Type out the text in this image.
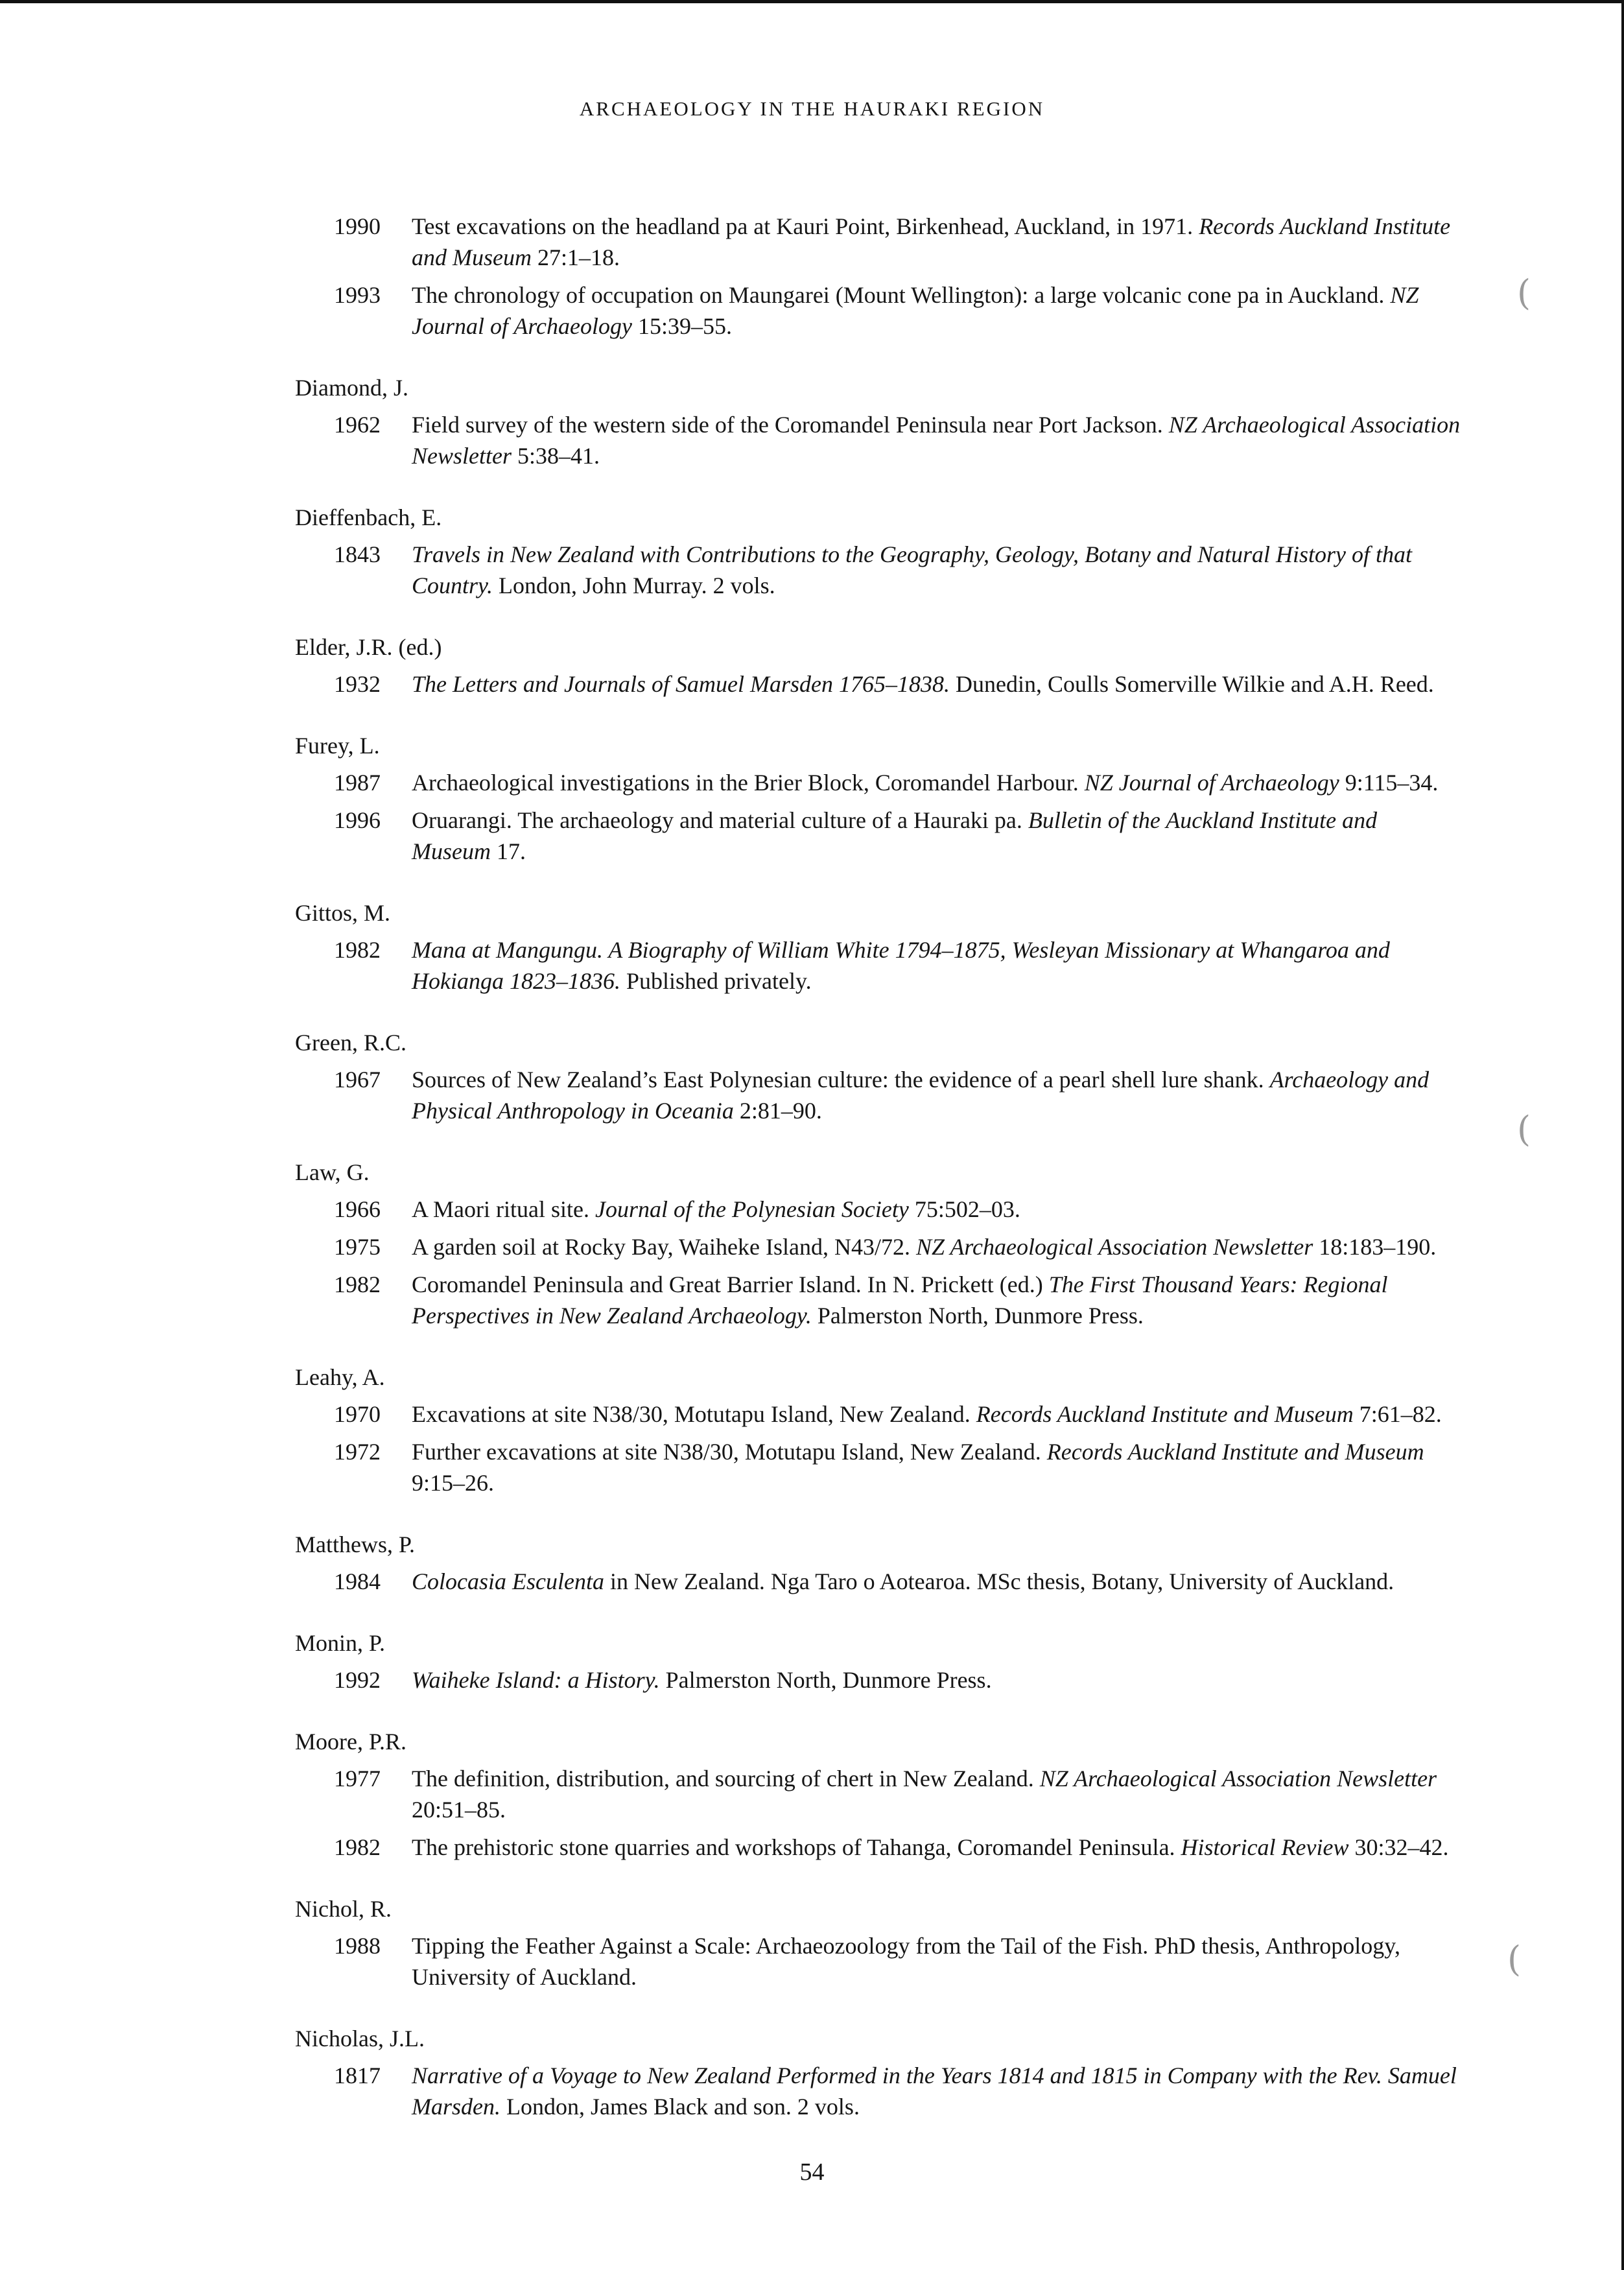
ARCHAEOLOGY IN THE HAURAKI REGION
1990 Test excavations on the headland pa at Kauri Point, Birkenhead, Auckland, in 1971. Records Auckland Institute and Museum 27:1–18.
1993 The chronology of occupation on Maungarei (Mount Wellington): a large volcanic cone pa in Auckland. NZ Journal of Archaeology 15:39–55.
Diamond, J.
1962 Field survey of the western side of the Coromandel Peninsula near Port Jackson. NZ Archaeological Association Newsletter 5:38–41.
Dieffenbach, E.
1843 Travels in New Zealand with Contributions to the Geography, Geology, Botany and Natural History of that Country. London, John Murray. 2 vols.
Elder, J.R. (ed.)
1932 The Letters and Journals of Samuel Marsden 1765–1838. Dunedin, Coulls Somerville Wilkie and A.H. Reed.
Furey, L.
1987 Archaeological investigations in the Brier Block, Coromandel Harbour. NZ Journal of Archaeology 9:115–34.
1996 Oruarangi. The archaeology and material culture of a Hauraki pa. Bulletin of the Auckland Institute and Museum 17.
Gittos, M.
1982 Mana at Mangungu. A Biography of William White 1794–1875, Wesleyan Missionary at Whangaroa and Hokianga 1823–1836. Published privately.
Green, R.C.
1967 Sources of New Zealand’s East Polynesian culture: the evidence of a pearl shell lure shank. Archaeology and Physical Anthropology in Oceania 2:81–90.
Law, G.
1966 A Maori ritual site. Journal of the Polynesian Society 75:502–03.
1975 A garden soil at Rocky Bay, Waiheke Island, N43/72. NZ Archaeological Association Newsletter 18:183–190.
1982 Coromandel Peninsula and Great Barrier Island. In N. Prickett (ed.) The First Thousand Years: Regional Perspectives in New Zealand Archaeology. Palmerston North, Dunmore Press.
Leahy, A.
1970 Excavations at site N38/30, Motutapu Island, New Zealand. Records Auckland Institute and Museum 7:61–82.
1972 Further excavations at site N38/30, Motutapu Island, New Zealand. Records Auckland Institute and Museum 9:15–26.
Matthews, P.
1984 Colocasia Esculenta in New Zealand. Nga Taro o Aotearoa. MSc thesis, Botany, University of Auckland.
Monin, P.
1992 Waiheke Island: a History. Palmerston North, Dunmore Press.
Moore, P.R.
1977 The definition, distribution, and sourcing of chert in New Zealand. NZ Archaeological Association Newsletter 20:51–85.
1982 The prehistoric stone quarries and workshops of Tahanga, Coromandel Peninsula. Historical Review 30:32–42.
Nichol, R.
1988 Tipping the Feather Against a Scale: Archaeozoology from the Tail of the Fish. PhD thesis, Anthropology, University of Auckland.
Nicholas, J.L.
1817 Narrative of a Voyage to New Zealand Performed in the Years 1814 and 1815 in Company with the Rev. Samuel Marsden. London, James Black and son. 2 vols.
(
(
(
54
